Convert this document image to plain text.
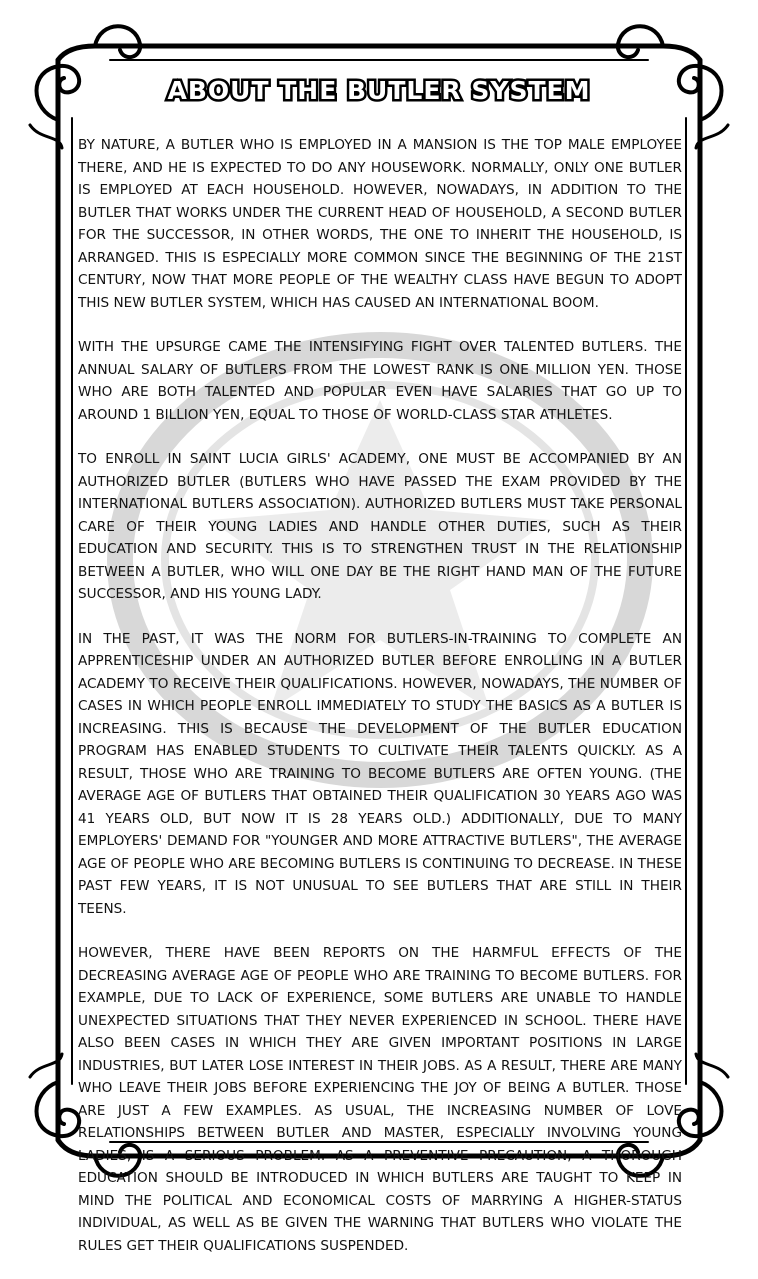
ABOUT THE BUTLER SYSTEM

BY NATURE, A BUTLER WHO IS EMPLOYED IN A MANSION IS THE TOP MALE EMPLOYEE THERE, AND HE IS EXPECTED TO DO ANY HOUSEWORK. NORMALLY, ONLY ONE BUTLER IS EMPLOYED AT EACH HOUSEHOLD. HOWEVER, NOWADAYS, IN ADDITION TO THE BUTLER THAT WORKS UNDER THE CURRENT HEAD OF HOUSEHOLD, A SECOND BUTLER FOR THE SUCCESSOR, IN OTHER WORDS, THE ONE TO INHERIT THE HOUSEHOLD, IS ARRANGED. THIS IS ESPECIALLY MORE COMMON SINCE THE BEGINNING OF THE 21ST CENTURY, NOW THAT MORE PEOPLE OF THE WEALTHY CLASS HAVE BEGUN TO ADOPT THIS NEW BUTLER SYSTEM, WHICH HAS CAUSED AN INTERNATIONAL BOOM.

WITH THE UPSURGE CAME THE INTENSIFYING FIGHT OVER TALENTED BUTLERS. THE ANNUAL SALARY OF BUTLERS FROM THE LOWEST RANK IS ONE MILLION YEN. THOSE WHO ARE BOTH TALENTED AND POPULAR EVEN HAVE SALARIES THAT GO UP TO AROUND 1 BILLION YEN, EQUAL TO THOSE OF WORLD-CLASS STAR ATHLETES.

TO ENROLL IN SAINT LUCIA GIRLS' ACADEMY, ONE MUST BE ACCOMPANIED BY AN AUTHORIZED BUTLER (BUTLERS WHO HAVE PASSED THE EXAM PROVIDED BY THE INTERNATIONAL BUTLERS ASSOCIATION). AUTHORIZED BUTLERS MUST TAKE PERSONAL CARE OF THEIR YOUNG LADIES AND HANDLE OTHER DUTIES, SUCH AS THEIR EDUCATION AND SECURITY. THIS IS TO STRENGTHEN TRUST IN THE RELATIONSHIP BETWEEN A BUTLER, WHO WILL ONE DAY BE THE RIGHT HAND MAN OF THE FUTURE SUCCESSOR, AND HIS YOUNG LADY.

IN THE PAST, IT WAS THE NORM FOR BUTLERS-IN-TRAINING TO COMPLETE AN APPRENTICESHIP UNDER AN AUTHORIZED BUTLER BEFORE ENROLLING IN A BUTLER ACADEMY TO RECEIVE THEIR QUALIFICATIONS. HOWEVER, NOWADAYS, THE NUMBER OF CASES IN WHICH PEOPLE ENROLL IMMEDIATELY TO STUDY THE BASICS AS A BUTLER IS INCREASING. THIS IS BECAUSE THE DEVELOPMENT OF THE BUTLER EDUCATION PROGRAM HAS ENABLED STUDENTS TO CULTIVATE THEIR TALENTS QUICKLY. AS A RESULT, THOSE WHO ARE TRAINING TO BECOME BUTLERS ARE OFTEN YOUNG. (THE AVERAGE AGE OF BUTLERS THAT OBTAINED THEIR QUALIFICATION 30 YEARS AGO WAS 41 YEARS OLD, BUT NOW IT IS 28 YEARS OLD.) ADDITIONALLY, DUE TO MANY EMPLOYERS' DEMAND FOR "YOUNGER AND MORE ATTRACTIVE BUTLERS", THE AVERAGE AGE OF PEOPLE WHO ARE BECOMING BUTLERS IS CONTINUING TO DECREASE. IN THESE PAST FEW YEARS, IT IS NOT UNUSUAL TO SEE BUTLERS THAT ARE STILL IN THEIR TEENS.

HOWEVER, THERE HAVE BEEN REPORTS ON THE HARMFUL EFFECTS OF THE DECREASING AVERAGE AGE OF PEOPLE WHO ARE TRAINING TO BECOME BUTLERS. FOR EXAMPLE, DUE TO LACK OF EXPERIENCE, SOME BUTLERS ARE UNABLE TO HANDLE UNEXPECTED SITUATIONS THAT THEY NEVER EXPERIENCED IN SCHOOL. THERE HAVE ALSO BEEN CASES IN WHICH THEY ARE GIVEN IMPORTANT POSITIONS IN LARGE INDUSTRIES, BUT LATER LOSE INTEREST IN THEIR JOBS. AS A RESULT, THERE ARE MANY WHO LEAVE THEIR JOBS BEFORE EXPERIENCING THE JOY OF BEING A BUTLER. THOSE ARE JUST A FEW EXAMPLES. AS USUAL, THE INCREASING NUMBER OF LOVE RELATIONSHIPS BETWEEN BUTLER AND MASTER, ESPECIALLY INVOLVING YOUNG LADIES, IS A SERIOUS PROBLEM. AS A PREVENTIVE PRECAUTION, A THOROUGH EDUCATION SHOULD BE INTRODUCED IN WHICH BUTLERS ARE TAUGHT TO KEEP IN MIND THE POLITICAL AND ECONOMICAL COSTS OF MARRYING A HIGHER-STATUS INDIVIDUAL, AS WELL AS BE GIVEN THE WARNING THAT BUTLERS WHO VIOLATE THE RULES GET THEIR QUALIFICATIONS SUSPENDED.
